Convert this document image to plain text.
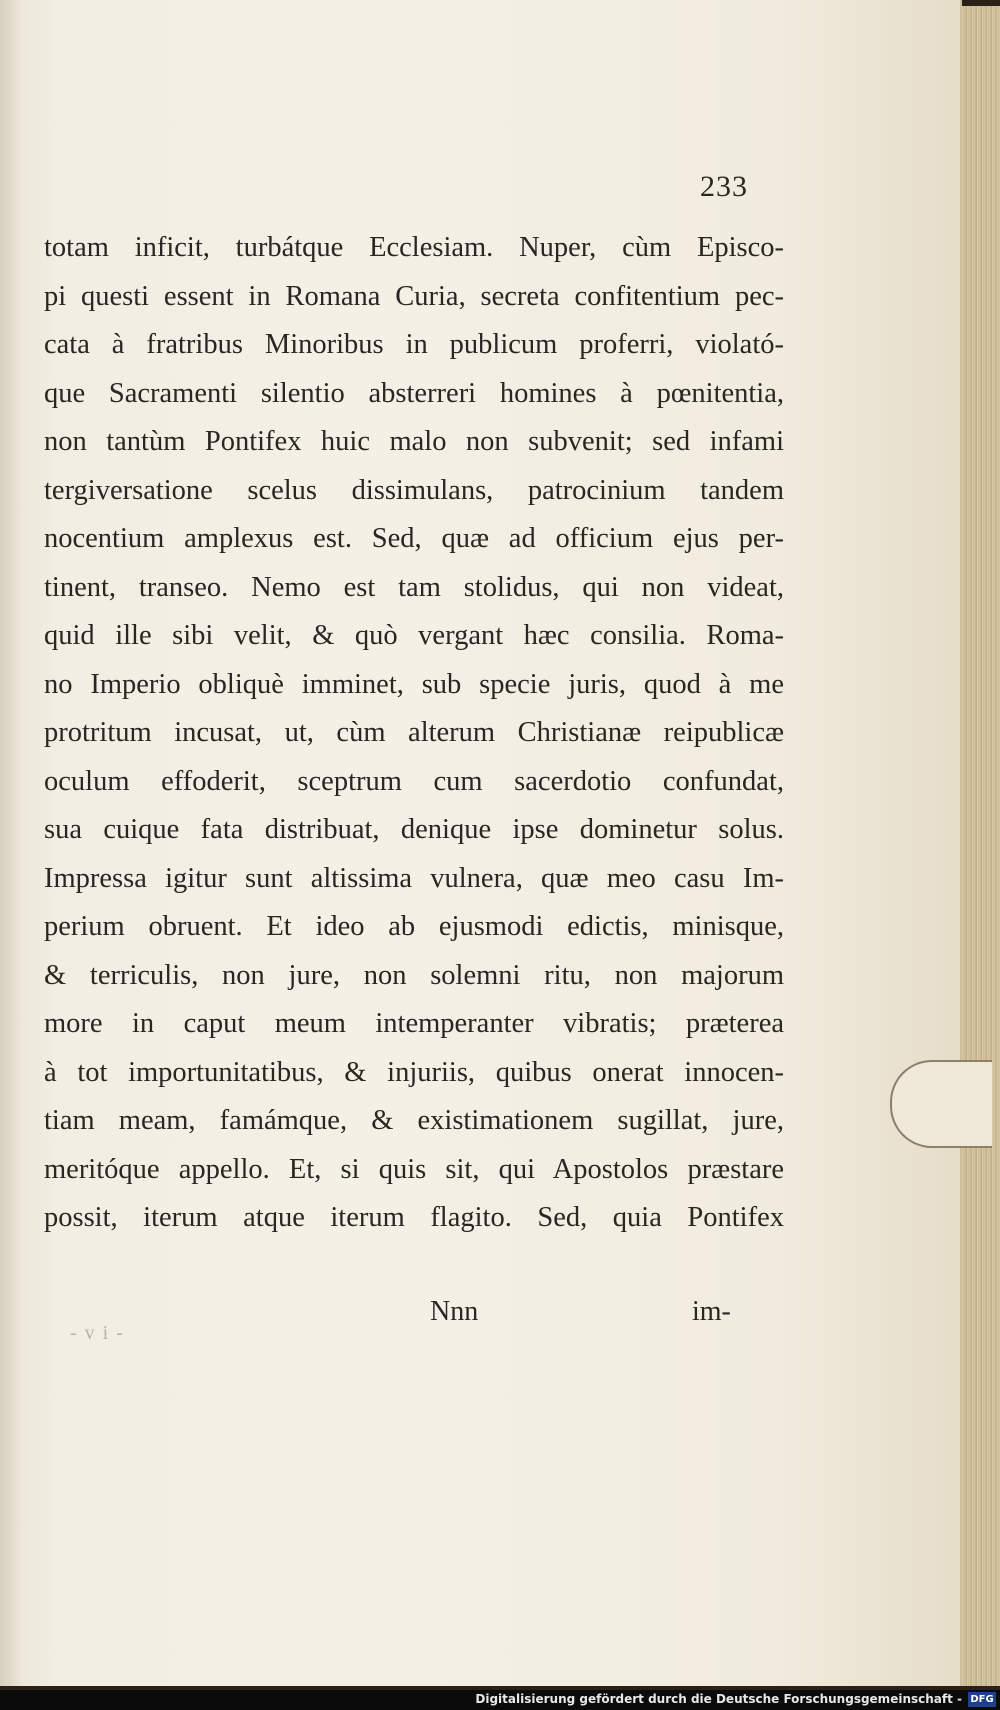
233
totam inficit, turbátque Ecclesiam. Nuper, cùm Episco-
pi questi essent in Romana Curia, secreta confitentium pec-
cata à fratribus Minoribus in publicum proferri, violató-
que Sacramenti silentio absterreri homines à pœnitentia,
non tantùm Pontifex huic malo non subvenit; sed infami
tergiversatione scelus dissimulans, patrocinium tandem
nocentium amplexus est. Sed, quæ ad officium ejus per-
tinent, transeo. Nemo est tam stolidus, qui non videat,
quid ille sibi velit, & quò vergant hæc consilia. Roma-
no Imperio obliquè imminet, sub specie juris, quod à me
protritum incusat, ut, cùm alterum Christianæ reipublicæ
oculum effoderit, sceptrum cum sacerdotio confundat,
sua cuique fata distribuat, denique ipse dominetur solus.
Impressa igitur sunt altissima vulnera, quæ meo casu Im-
perium obruent. Et ideo ab ejusmodi edictis, minisque,
& terriculis, non jure, non solemni ritu, non majorum
more in caput meum intemperanter vibratis; præterea
à tot importunitatibus, & injuriis, quibus onerat innocen-
tiam meam, famámque, & existimationem sugillat, jure,
meritóque appello. Et, si quis sit, qui Apostolos præstare
possit, iterum atque iterum flagito. Sed, quia Pontifex
-vi-
Nnn	im-
Digitalisierung gefördert durch die Deutsche Forschungsgemeinschaft - DFG
